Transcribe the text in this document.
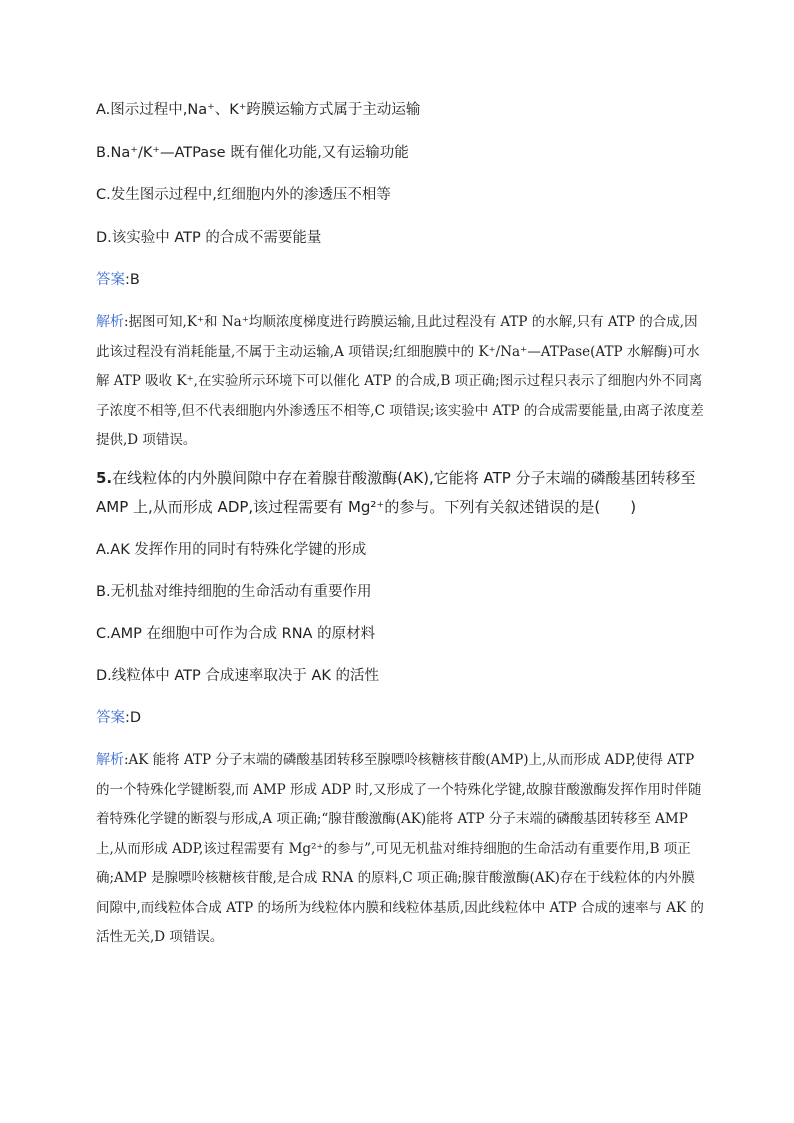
A.图示过程中,Na⁺、K⁺跨膜运输方式属于主动运输
B.Na⁺/K⁺—ATPase 既有催化功能,又有运输功能
C.发生图示过程中,红细胞内外的渗透压不相等
D.该实验中 ATP 的合成不需要能量
答案:B
解析:据图可知,K⁺和 Na⁺均顺浓度梯度进行跨膜运输,且此过程没有 ATP 的水解,只有 ATP 的合成,因此该过程没有消耗能量,不属于主动运输,A 项错误;红细胞膜中的 K⁺/Na⁺—ATPase(ATP 水解酶)可水解 ATP 吸收 K⁺,在实验所示环境下可以催化 ATP 的合成,B 项正确;图示过程只表示了细胞内外不同离子浓度不相等,但不代表细胞内外渗透压不相等,C 项错误;该实验中 ATP 的合成需要能量,由离子浓度差提供,D 项错误。
5.在线粒体的内外膜间隙中存在着腺苷酸激酶(AK),它能将 ATP 分子末端的磷酸基团转移至 AMP 上,从而形成 ADP,该过程需要有 Mg²⁺的参与。下列有关叙述错误的是(　　)
A.AK 发挥作用的同时有特殊化学键的形成
B.无机盐对维持细胞的生命活动有重要作用
C.AMP 在细胞中可作为合成 RNA 的原材料
D.线粒体中 ATP 合成速率取决于 AK 的活性
答案:D
解析:AK 能将 ATP 分子末端的磷酸基团转移至腺嘌呤核糖核苷酸(AMP)上,从而形成 ADP,使得 ATP 的一个特殊化学键断裂,而 AMP 形成 ADP 时,又形成了一个特殊化学键,故腺苷酸激酶发挥作用时伴随着特殊化学键的断裂与形成,A 项正确;“腺苷酸激酶(AK)能将 ATP 分子末端的磷酸基团转移至 AMP 上,从而形成 ADP,该过程需要有 Mg²⁺的参与”,可见无机盐对维持细胞的生命活动有重要作用,B 项正确;AMP 是腺嘌呤核糖核苷酸,是合成 RNA 的原料,C 项正确;腺苷酸激酶(AK)存在于线粒体的内外膜间隙中,而线粒体合成 ATP 的场所为线粒体内膜和线粒体基质,因此线粒体中 ATP 合成的速率与 AK 的活性无关,D 项错误。
